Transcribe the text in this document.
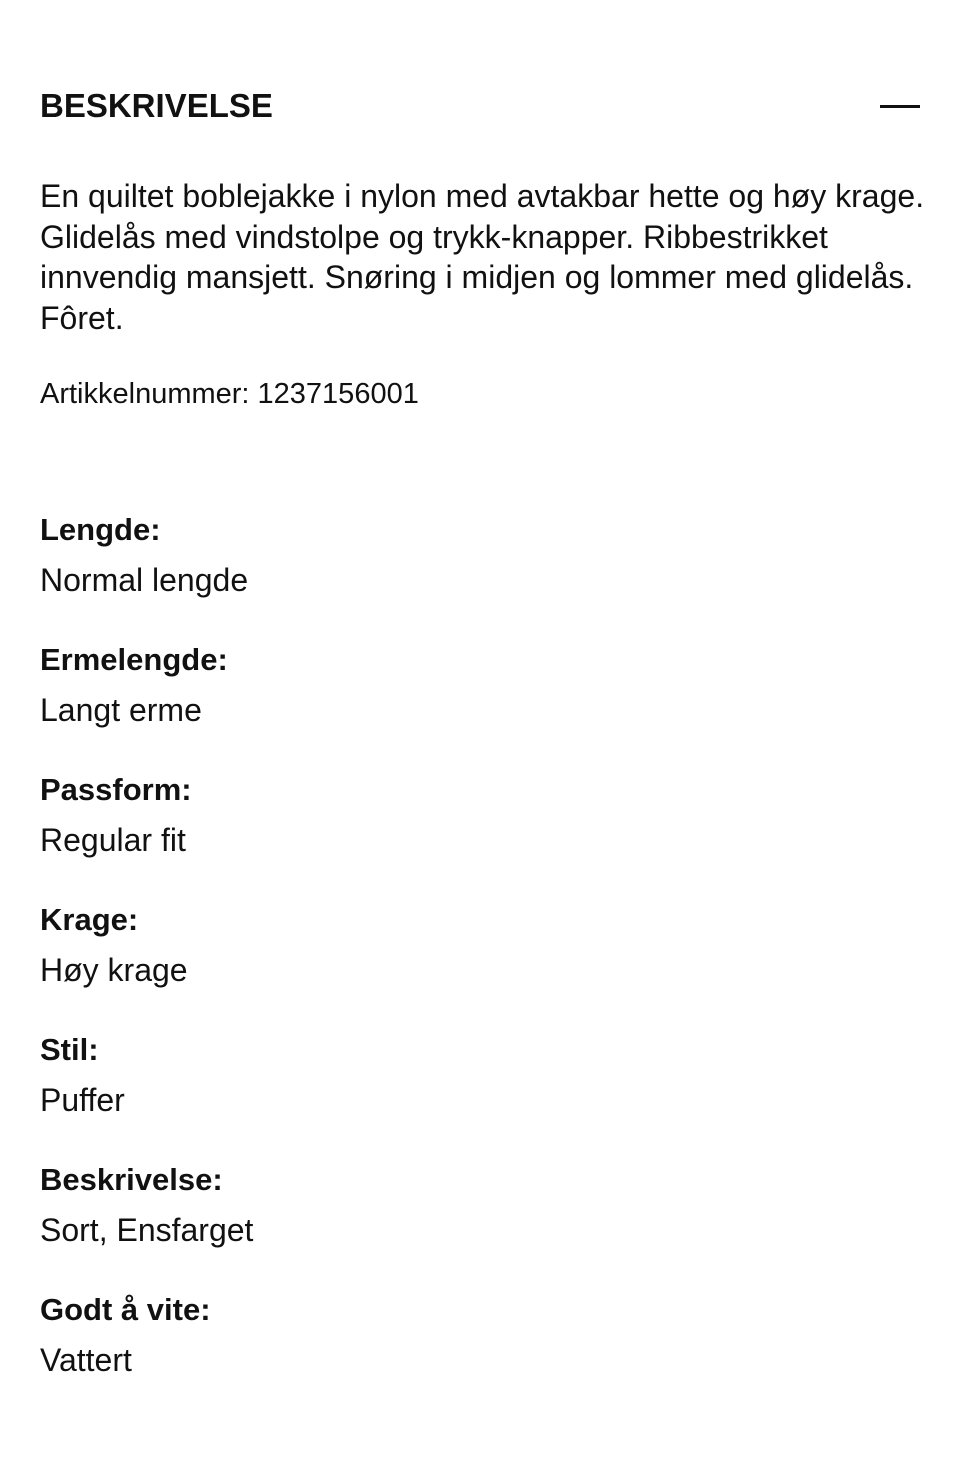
BESKRIVELSE
En quiltet boblejakke i nylon med avtakbar hette og høy krage. Glidelås med vindstolpe og trykk-knapper. Ribbestrikket innvendig mansjett. Snøring i midjen og lommer med glidelås. Fôret.
Artikkelnummer: 1237156001
Lengde:
Normal lengde
Ermelengde:
Langt erme
Passform:
Regular fit
Krage:
Høy krage
Stil:
Puffer
Beskrivelse:
Sort, Ensfarget
Godt å vite:
Vattert
